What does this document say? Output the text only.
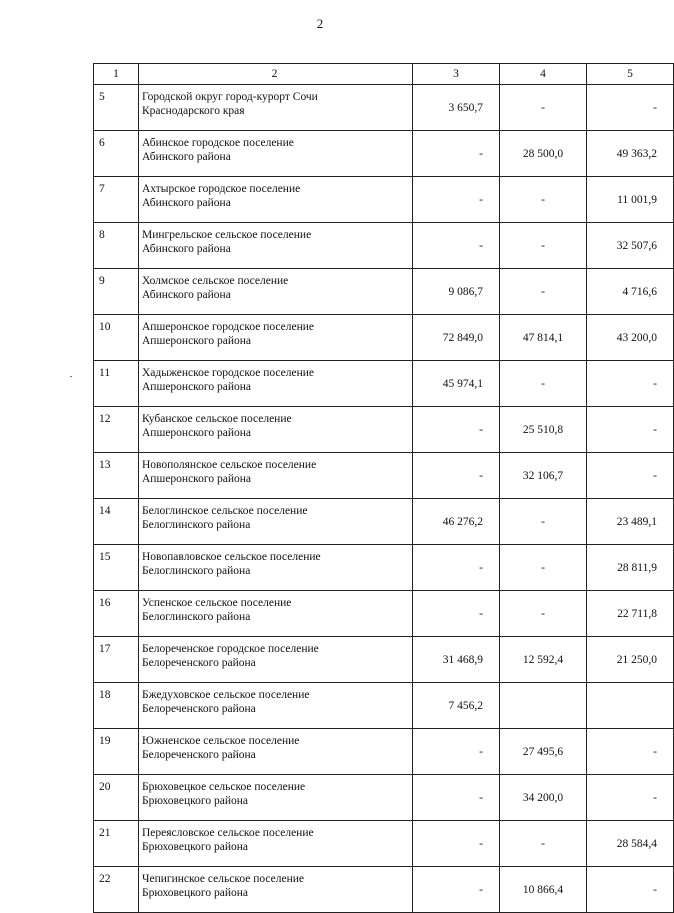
2
1	2	3	4	5
5	Городской округ город-курорт Сочи
Краснодарского края	3 650,7	-	-
6	Абинское городское поселение
Абинского района	-	28 500,0	49 363,2
7	Ахтырское городское поселение
Абинского района	-	-	11 001,9
8	Мингрельское сельское поселение
Абинского района	-	-	32 507,6
9	Холмское сельское поселение
Абинского района	9 086,7	-	4 716,6
10	Апшеронское городское поселение
Апшеронского района	72 849,0	47 814,1	43 200,0
11	Хадыженское городское поселение
Апшеронского района	45 974,1	-	-
12	Кубанское сельское поселение
Апшеронского района	-	25 510,8	-
13	Новополянское сельское поселение
Апшеронского района	-	32 106,7	-
14	Белоглинское сельское поселение
Белоглинского района	46 276,2	-	23 489,1
15	Новопавловское сельское поселение
Белоглинского района	-	-	28 811,9
16	Успенское сельское поселение
Белоглинского района	-	-	22 711,8
17	Белореченское городское поселение
Белореченского района	31 468,9	12 592,4	21 250,0
18	Бжедуховское сельское поселение
Белореченского района	7 456,2		
19	Южненское сельское поселение
Белореченского района	-	27 495,6	-
20	Брюховецкое сельское поселение
Брюховецкого района	-	34 200,0	-
21	Переясловское сельское поселение
Брюховецкого района	-	-	28 584,4
22	Чепигинское сельское поселение
Брюховецкого района	-	10 866,4	-
